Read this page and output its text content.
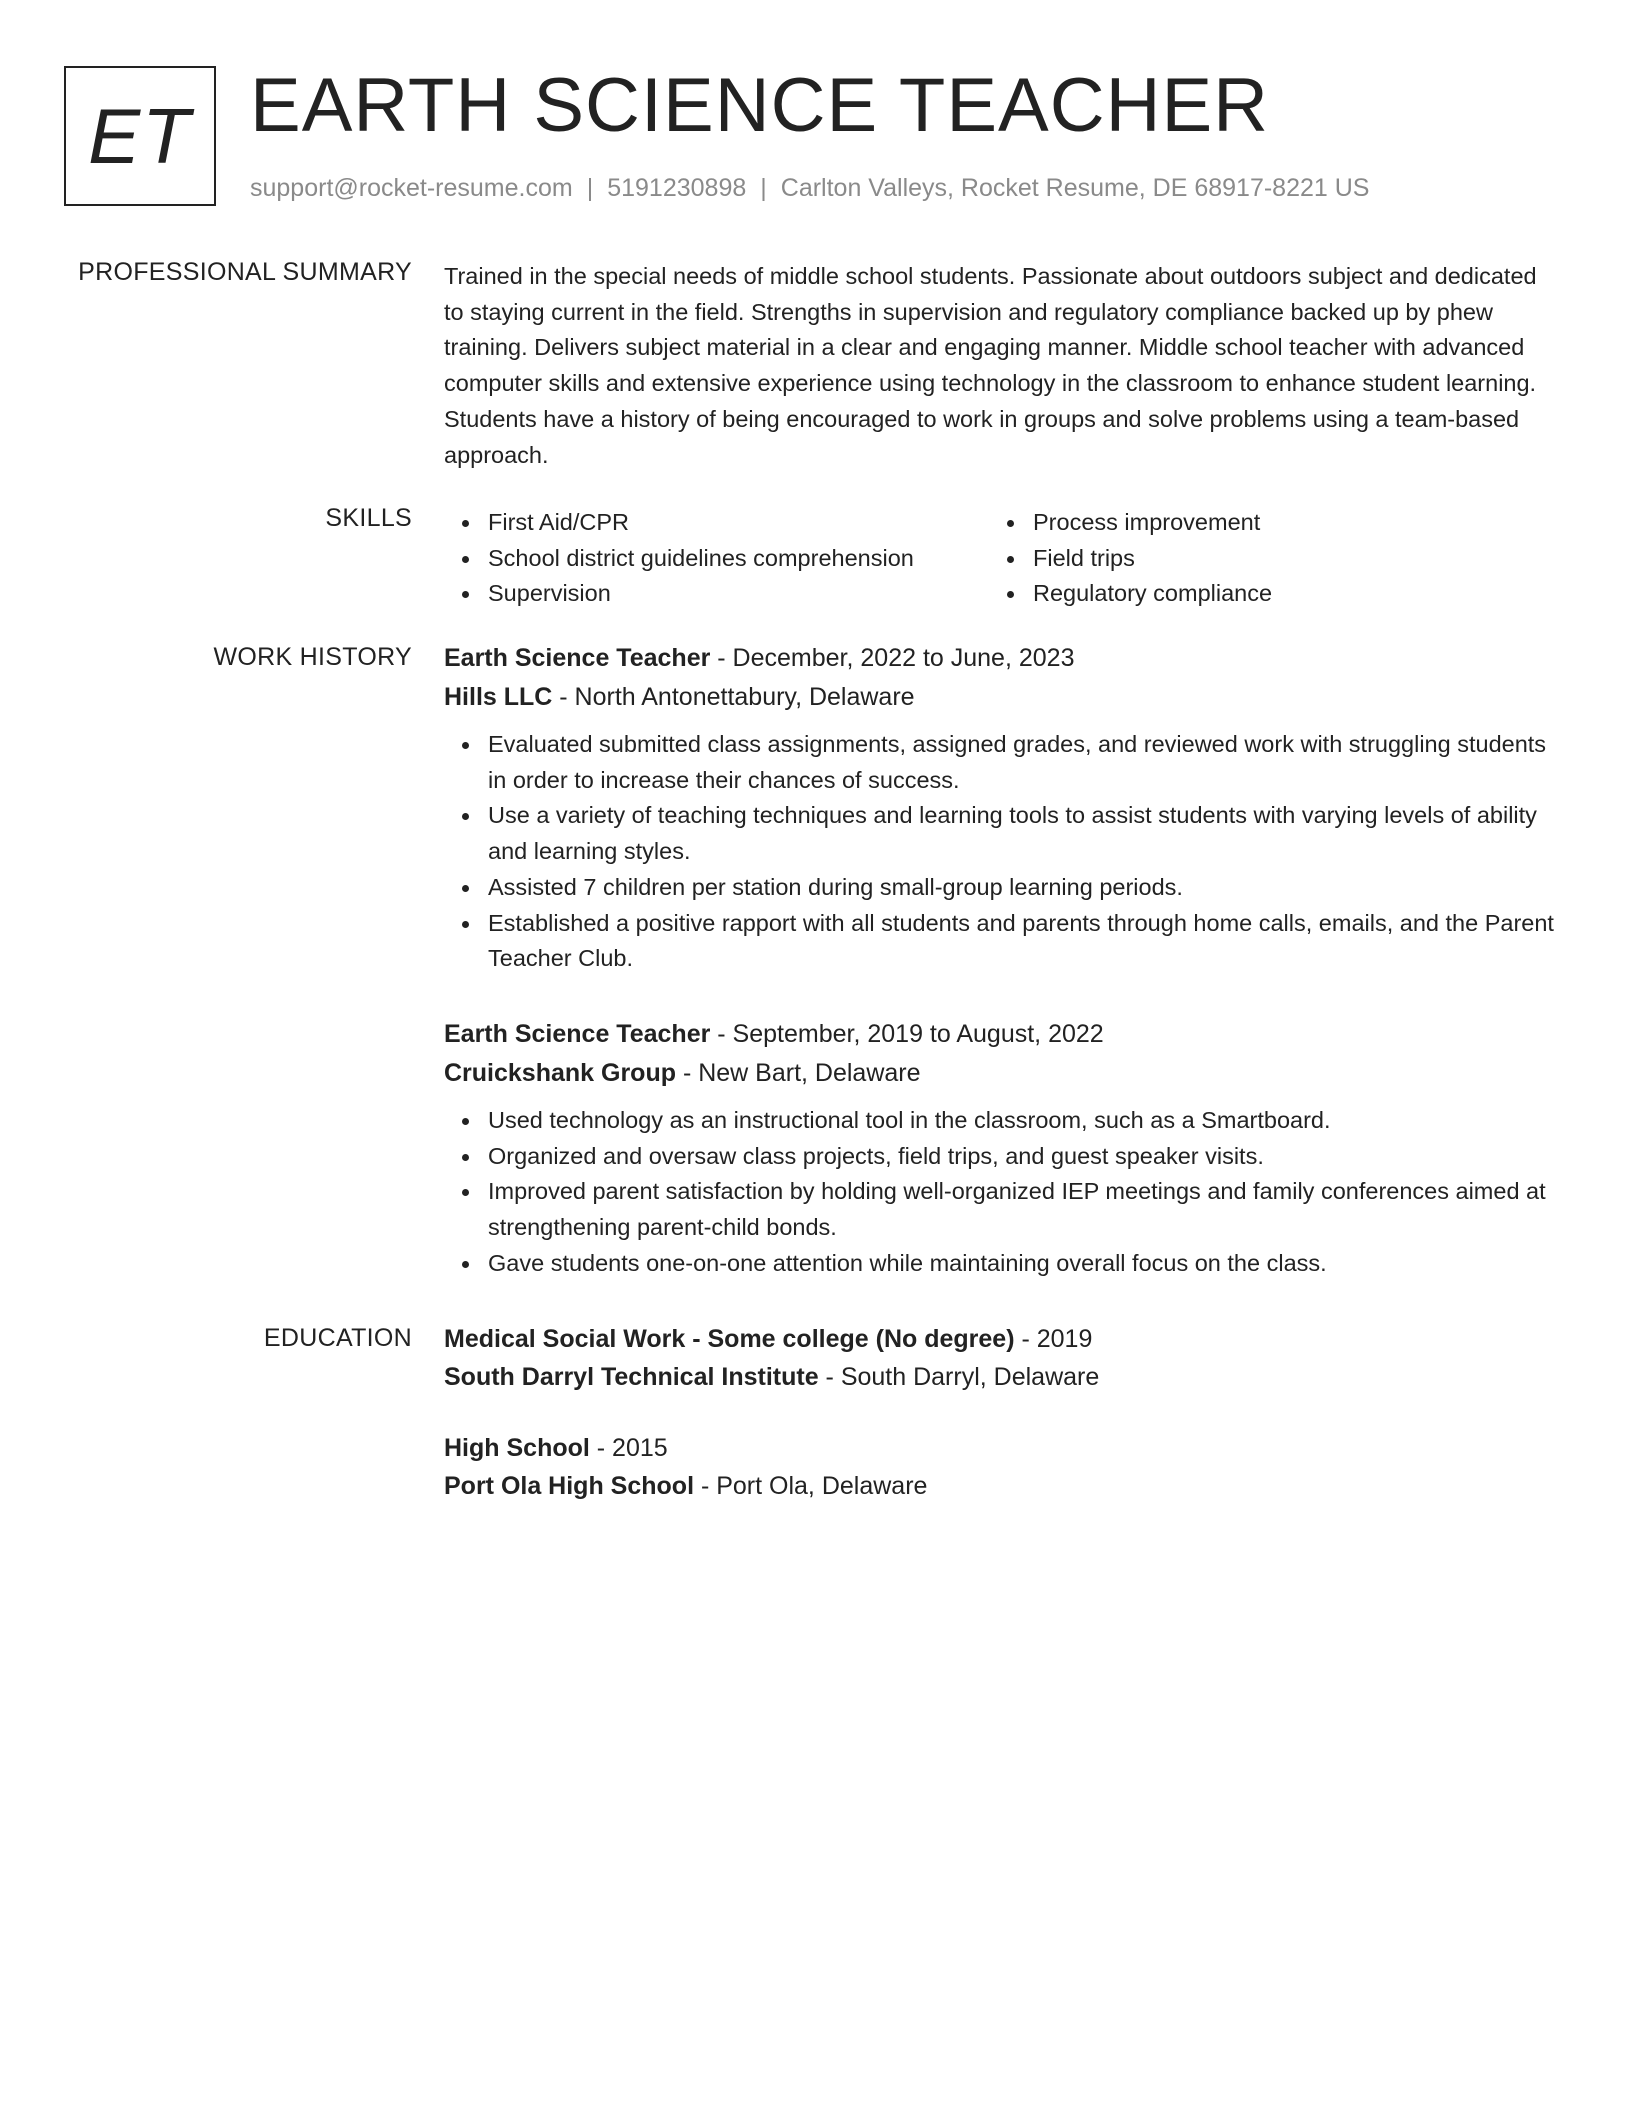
ET EARTH SCIENCE TEACHER
support@rocket-resume.com | 5191230898 | Carlton Valleys, Rocket Resume, DE 68917-8221 US
PROFESSIONAL SUMMARY Trained in the special needs of middle school students. Passionate about outdoors subject and dedicated to staying current in the field. Strengths in supervision and regulatory compliance backed up by phew training. Delivers subject material in a clear and engaging manner. Middle school teacher with advanced computer skills and extensive experience using technology in the classroom to enhance student learning. Students have a history of being encouraged to work in groups and solve problems using a team-based approach.

SKILLS	First Aid/CPR
School district guidelines comprehension
Supervision
Process improvement
Field trips
Regulatory compliance
WORK HISTORY Earth Science Teacher - December, 2022 to June, 2023
Hills LLC - North Antonettabury, Delaware
Evaluated submitted class assignments, assigned grades, and reviewed work with struggling students in order to increase their chances of success.
Use a variety of teaching techniques and learning tools to assist students with varying levels of ability and learning styles.
Assisted 7 children per station during small-group learning periods.
Established a positive rapport with all students and parents through home calls, emails, and the Parent Teacher Club.
Earth Science Teacher - September, 2019 to August, 2022
Cruickshank Group - New Bart, Delaware
Used technology as an instructional tool in the classroom, such as a Smartboard.
Organized and oversaw class projects, field trips, and guest speaker visits.
Improved parent satisfaction by holding well-organized IEP meetings and family conferences aimed at strengthening parent-child bonds.
Gave students one-on-one attention while maintaining overall focus on the class.
EDUCATION Medical Social Work - Some college (No degree) - 2019
South Darryl Technical Institute - South Darryl, Delaware
High School - 2015
Port Ola High School - Port Ola, Delaware
